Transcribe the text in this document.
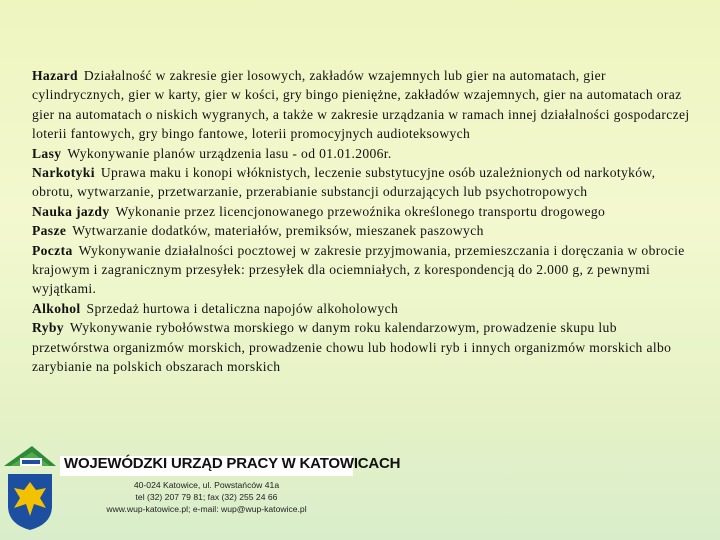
Hazard Działalność w zakresie gier losowych, zakładów wzajemnych lub gier na automatach, gier cylindrycznych, gier w karty, gier w kości, gry bingo pieniężne, zakładów wzajemnych, gier na automatach oraz gier na automatach o niskich wygranych, a także w zakresie urządzania w ramach innej działalności gospodarczej loterii fantowych, gry bingo fantowe, loterii promocyjnych audioteksowych

Lasy Wykonywanie planów urządzenia lasu - od 01.01.2006r.

Narkotyki Uprawa maku i konopi włóknistych, leczenie substytucyjne osób uzależnionych od narkotyków, obrotu, wytwarzanie, przetwarzanie, przerabianie substancji odurzających lub psychotropowych

Nauka jazdy Wykonanie przez licencjonowanego przewoźnika określonego transportu drogowego

Pasze Wytwarzanie dodatków, materiałów, premiksów, mieszanek paszowych

Poczta Wykonywanie działalności pocztowej w zakresie przyjmowania, przemieszczania i doręczania w obrocie krajowym i zagranicznym przesyłek: przesyłek dla ociemniałych, z korespondencją do 2.000 g, z pewnymi wyjątkami.

Alkohol Sprzedaż hurtowa i detaliczna napojów alkoholowych

Ryby Wykonywanie rybołówstwa morskiego w danym roku kalendarzowym, prowadzenie skupu lub przetwórstwa organizmów morskich, prowadzenie chowu lub hodowli ryb i innych organizmów morskich albo zarybianie na polskich obszarach morskich

WOJEWÓDZKI URZĄD PRACY W KATOWICACH
40-024 Katowice, ul. Powstańców 41a
tel (32) 207 79 81; fax (32) 255 24 66
www.wup-katowice.pl; e-mail: wup@wup-katowice.pl
